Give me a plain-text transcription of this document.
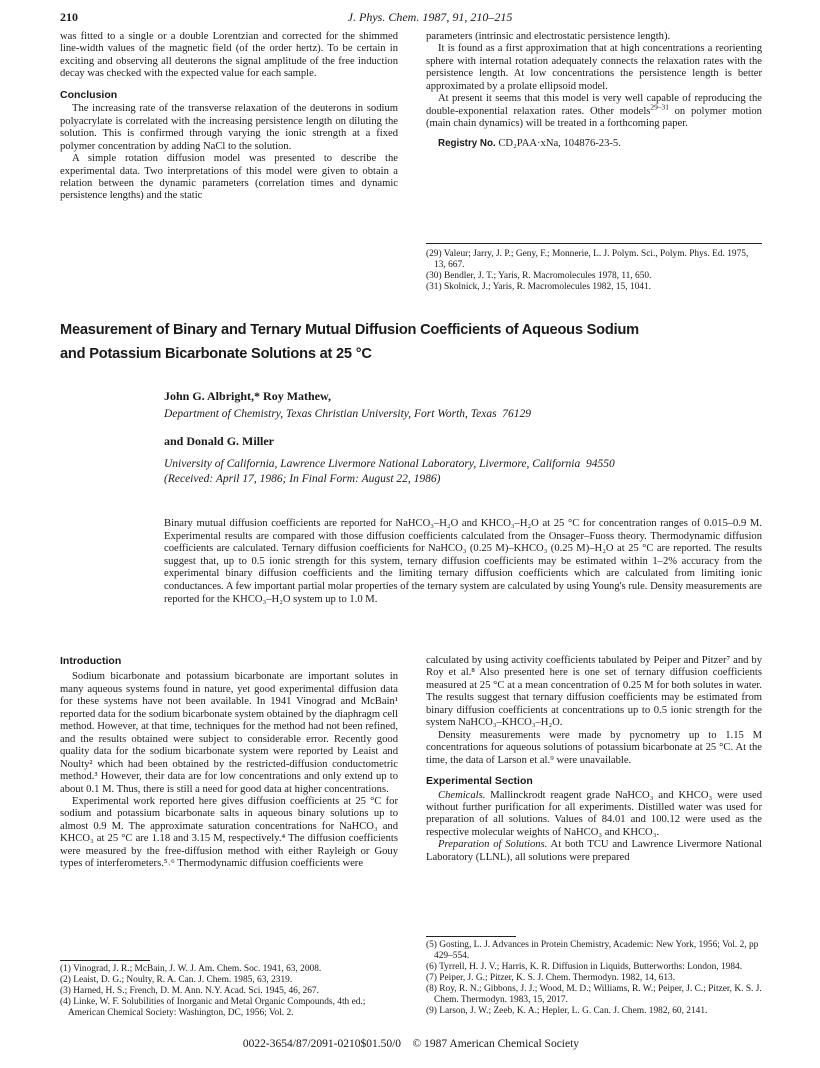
210	J. Phys. Chem. 1987, 91, 210–215

was fitted to a single or a double Lorentzian and corrected for the shimmed line-width values of the magnetic field (of the order hertz). To be certain in exciting and observing all deuterons the signal amplitude of the free induction decay was checked with the expected value for each sample.

Conclusion

The increasing rate of the transverse relaxation of the deuterons in sodium polyacrylate is correlated with the increasing persistence length on diluting the solution. This is confirmed through varying the ionic strength at a fixed polymer concentration by adding NaCl to the solution.

A simple rotation diffusion model was presented to describe the experimental data. Two interpretations of this model were given to obtain a relation between the dynamic parameters (correlation times and dynamic persistence lengths) and the static

parameters (intrinsic and electrostatic persistence length).

It is found as a first approximation that at high concentrations a reorienting sphere with internal rotation adequately connects the relaxation rates with the persistence length. At low concentrations the persistence length is better approximated by a prolate ellipsoid model.

At present it seems that this model is very well capable of reproducing the double-exponential relaxation rates. Other models$^{29-31}$ on polymer motion (main chain dynamics) will be treated in a forthcoming paper.

Registry No. CD₂PAA·xNa, 104876-23-5.

(29) Valeur; Jarry, J. P.; Geny, F.; Monnerie, L. J. Polym. Sci., Polym. Phys. Ed. 1975, 13, 667.
(30) Bendler, J. T.; Yaris, R. Macromolecules 1978, 11, 650.
(31) Skolnick, J.; Yaris, R. Macromolecules 1982, 15, 1041.
Measurement of Binary and Ternary Mutual Diffusion Coefficients of Aqueous Sodium
and Potassium Bicarbonate Solutions at 25 °C
John G. Albright,* Roy Mathew,
Department of Chemistry, Texas Christian University, Fort Worth, Texas  76129
and Donald G. Miller
University of California, Lawrence Livermore National Laboratory, Livermore, California  94550
(Received: April 17, 1986; In Final Form: August 22, 1986)
Binary mutual diffusion coefficients are reported for NaHCO₃–H₂O and KHCO₃–H₂O at 25 °C for concentration ranges of 0.015–0.9 M. Experimental results are compared with those diffusion coefficients calculated from the Onsager–Fuoss theory. Thermodynamic diffusion coefficients are calculated. Ternary diffusion coefficients for NaHCO₃ (0.25 M)–KHCO₃ (0.25 M)–H₂O at 25 °C are reported. The results suggest that, up to 0.5 ionic strength for this system, ternary diffusion coefficients may be estimated within 1–2% accuracy from the experimental binary diffusion coefficients and the limiting ternary diffusion coefficients which are calculated from limiting ionic conductances. A few important partial molar properties of the ternary system are calculated by using Young's rule. Density measurements are reported for the KHCO₃–H₂O system up to 1.0 M.
Introduction

Sodium bicarbonate and potassium bicarbonate are important solutes in many aqueous systems found in nature, yet good experimental diffusion data for these systems have not been available. In 1941 Vinograd and McBain¹ reported data for the sodium bicarbonate system obtained by the diaphragm cell method. However, at that time, techniques for the method had not been refined, and the results obtained were subject to considerable error. Recently good quality data for the sodium bicarbonate system were reported by Leaist and Noulty² which had been obtained by the restricted-diffusion conductometric method.³ However, their data are for low concentrations and only extend up to about 0.1 M. Thus, there is still a need for good data at higher concentrations.

Experimental work reported here gives diffusion coefficients at 25 °C for sodium and potassium bicarbonate salts in aqueous binary solutions up to almost 0.9 M. The approximate saturation concentrations for NaHCO₃ and KHCO₃ at 25 °C are 1.18 and 3.15 M, respectively.⁴ The diffusion coefficients were measured by the free-diffusion method with either Rayleigh or Gouy types of interferometers.⁵˒⁶ Thermodynamic diffusion coefficients were

(1) Vinograd, J. R.; McBain, J. W. J. Am. Chem. Soc. 1941, 63, 2008.
(2) Leaist, D. G.; Noulty, R. A. Can. J. Chem. 1985, 63, 2319.
(3) Harned, H. S.; French, D. M. Ann. N.Y. Acad. Sci. 1945, 46, 267.
(4) Linke, W. F. Solubilities of Inorganic and Metal Organic Compounds, 4th ed.; American Chemical Society: Washington, DC, 1956; Vol. 2.

calculated by using activity coefficients tabulated by Peiper and Pitzer⁷ and by Roy et al.⁸ Also presented here is one set of ternary diffusion coefficients measured at 25 °C at a mean concentration of 0.25 M for both solutes in water. The results suggest that ternary diffusion coefficients may be estimated from binary diffusion coefficients at concentrations up to 0.5 ionic strength for the system NaHCO₃–KHCO₃–H₂O.

Density measurements were made by pycnometry up to 1.15 M concentrations for aqueous solutions of potassium bicarbonate at 25 °C. At the time, the data of Larson et al.⁹ were unavailable.

Experimental Section

Chemicals. Mallinckrodt reagent grade NaHCO₃ and KHCO₃ were used without further purification for all experiments. Distilled water was used for preparation of all solutions. Values of 84.01 and 100.12 were used as the respective molecular weights of NaHCO₃ and KHCO₃.

Preparation of Solutions. At both TCU and Lawrence Livermore National Laboratory (LLNL), all solutions were prepared

(5) Gosting, L. J. Advances in Protein Chemistry, Academic: New York, 1956; Vol. 2, pp 429–554.
(6) Tyrrell, H. J. V.; Harris, K. R. Diffusion in Liquids, Butterworths: London, 1984.
(7) Peiper, J. G.; Pitzer, K. S. J. Chem. Thermodyn. 1982, 14, 613.
(8) Roy, R. N.; Gibbons, J. J.; Wood, M. D.; Williams, R. W.; Peiper, J. C.; Pitzer, K. S. J. Chem. Thermodyn. 1983, 15, 2017.
(9) Larson, J. W.; Zeeb, K. A.; Hepler, L. G. Can. J. Chem. 1982, 60, 2141.
0022-3654/87/2091-0210$01.50/0 © 1987 American Chemical Society
